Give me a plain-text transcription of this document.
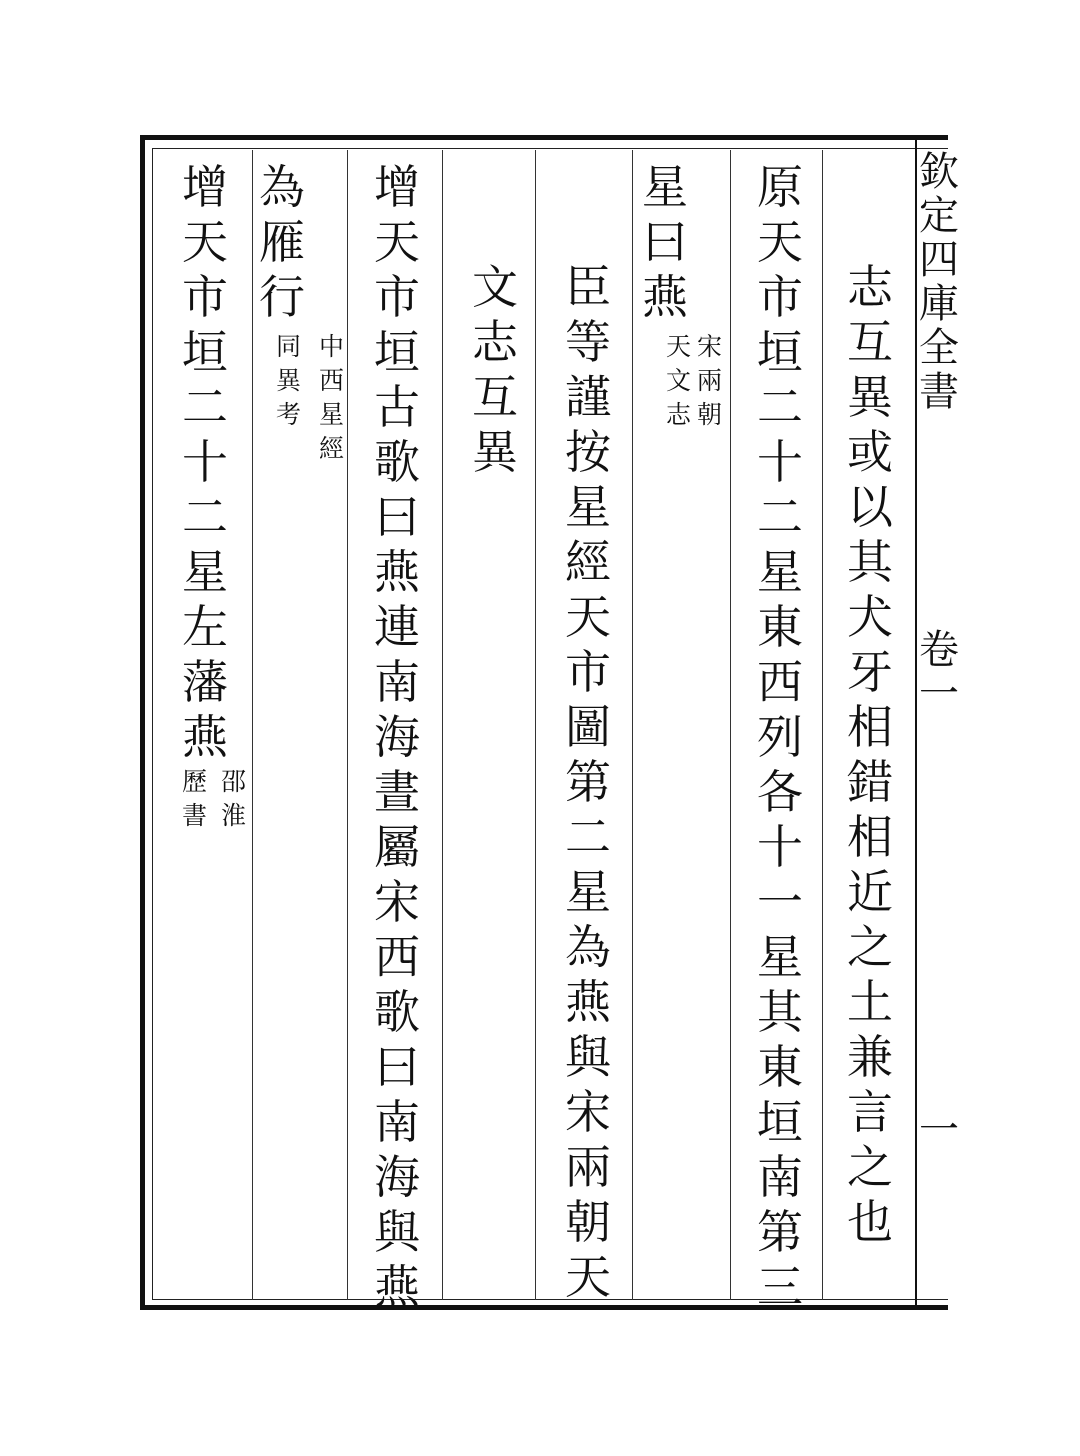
欽
定
四
庫
全
書
卷
一
一
志
互
異
或
以
其
犬
牙
相
錯
相
近
之
土
兼
言
之
也
原
天
市
垣
二
十
二
星
東
西
列
各
十
一
星
其
東
垣
南
第
三
星
曰
燕
宋
兩
朝
天
文
志
臣
等
謹
按
星
經
天
市
圖
第
二
星
為
燕
與
宋
兩
朝
天
文
志
互
異
增
天
市
垣
古
歌
曰
燕
連
南
海
晝
屬
宋
西
歌
曰
南
海
與
燕
為
雁
行
中
西
星
經
同
異
考
增
天
市
垣
二
十
二
星
左
藩
燕
邵
淮
歷
書
